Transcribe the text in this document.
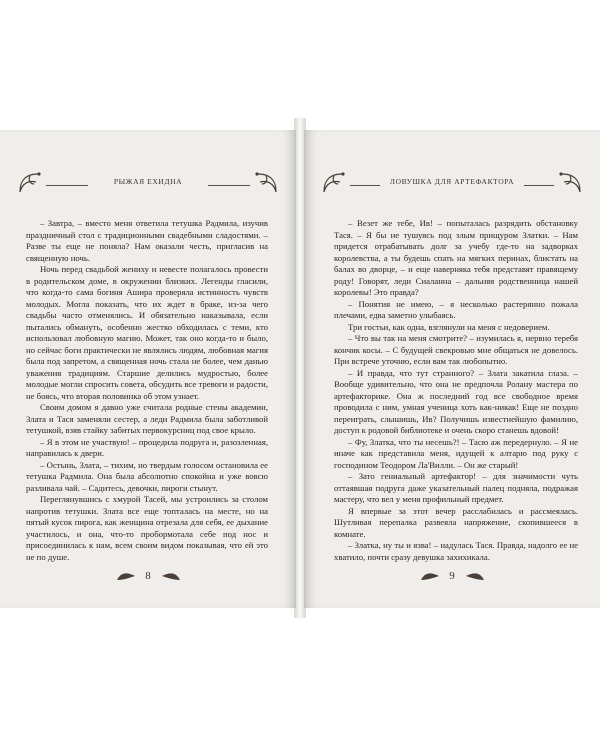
РЫЖАЯ ЕХИДНА

– Завтра, – вместо меня ответила тетушка Радмила, изучив праздничный стол с традиционными свадебными сладостями. – Разве ты еще не поняла? Нам оказали честь, пригласив на священную ночь.

Ночь перед свадьбой жениху и невесте полагалось провести в родительском доме, в окружении близких. Легенды гласили, что когда-то сама богиня Ашира проверяла истинность чувств молодых. Могла показать, что их ждет в браке, из-за чего свадьбы часто отменялись. И обязательно наказывала, если пытались обмануть, особенно жестко обходилась с теми, кто использовал любовную магию. Может, так оно когда-то и было, но сейчас боги практически не являлись людям, любовная магия была под запретом, а священная ночь стала не более, чем данью уважения традициям. Старшие делились мудростью, более молодые могли спросить совета, обсудить все тревоги и радости, не боясь, что вторая половинка об этом узнает.

Своим домом я давно уже считала родные стены академии, Злата и Тася заменяли сестер, а леди Радмила была заботливой тетушкой, взяв стайку забитых первокурсниц под свое крыло.

– Я в этом не участвую! – процедила подруга и, разозленная, направилась к двери.

– Остынь, Злата, – тихим, но твердым голосом остановила ее тетушка Радмила. Она была абсолютно спокойна и уже вовсю разливала чай. – Садитесь, девочки, пироги стынут.

Переглянувшись с хмурой Тасей, мы устроились за столом напротив тетушки. Злата все еще топталась на месте, но на пятый кусок пирога, как женщина отрезала для себя, ее дыхание участилось, и она, что-то пробормотала себе под нос и присоединилась к нам, всем своим видом показывая, что ей это не по душе.

8
ЛОВУШКА ДЛЯ АРТЕФАКТОРА

– Везет же тебе, Ив! – попыталась разрядить обстановку Тася. – Я бы не тушуясь под злым прищуром Златки. – Нам придется отрабатывать долг за учебу где-то на задворках королевства, а ты будешь спать на мягких перинах, блистать на балах во дворце, – и еще наверняка тебя представят правящему роду! Говорят, леди Сиаланна – дальняя родственница нашей королевы! Это правда?

– Понятия не имею, – я несколько растерянно пожала плечами, едва заметно улыбаясь.

Три гостьи, как одна, взглянули на меня с недоверием.

– Что вы так на меня смотрите? – изумилась я, нервно теребя кончик косы. – С будущей свекровью мне общаться не довелось. При встрече уточню, если вам так любопытно.

– И правда, что тут странного? – Злата закатила глаза. – Вообще удивительно, что она не предпочла Ролану мастера по артефакторике. Она ж последний год все свободное время проводила с ним, умная ученица хоть как-никак! Еще не поздно переиграть, слышишь, Ив? Получишь известнейшую фамилию, доступ к родовой библиотеке и очень скоро станешь вдовой!

– Фу, Златка, что ты несешь?! – Тасю аж передернуло. – Я не иначе как представила меня, идущей к алтарю под руку с господином Теодором Ла'Вилли. – Он же старый!

– Зато гениальный артефактор! – для значимости чуть оттаявшая подруга даже указательный палец подняла, подражая мастеру, что вел у меня профильный предмет.

Я впервые за этот вечер расслабилась и рассмеялась. Шутливая перепалка развеяла напряжение, скопившееся в комнате.

– Златка, ну ты и язва! – надулась Тася. Правда, надолго ее не хватило, почти сразу девушка захихикала.

9
